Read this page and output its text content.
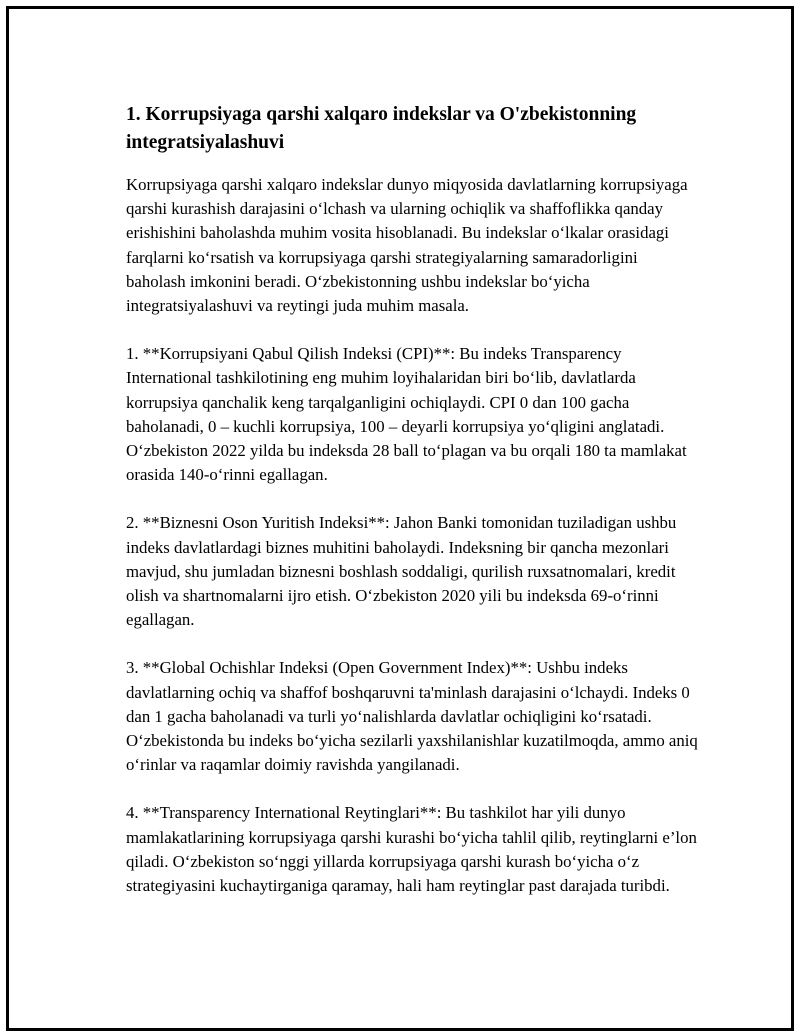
1. Korrupsiyaga qarshi xalqaro indekslar va O'zbekistonning integratsiyalashuvi

Korrupsiyaga qarshi xalqaro indekslar dunyo miqyosida davlatlarning korrupsiyaga qarshi kurashish darajasini oʻlchash va ularning ochiqlik va shaffoflikka qanday erishishini baholashda muhim vosita hisoblanadi. Bu indekslar oʻlkalar orasidagi farqlarni koʻrsatish va korrupsiyaga qarshi strategiyalarning samaradorligini baholash imkonini beradi. Oʻzbekistonning ushbu indekslar boʻyicha integratsiyalashuvi va reytingi juda muhim masala.

1. **Korrupsiyani Qabul Qilish Indeksi (CPI)**: Bu indeks Transparency International tashkilotining eng muhim loyihalaridan biri boʻlib, davlatlarda korrupsiya qanchalik keng tarqalganligini ochiqlaydi. CPI 0 dan 100 gacha baholanadi, 0 – kuchli korrupsiya, 100 – deyarli korrupsiya yoʻqligini anglatadi. Oʻzbekiston 2022 yilda bu indeksda 28 ball toʻplagan va bu orqali 180 ta mamlakat orasida 140-oʻrinni egallagan.

2. **Biznesni Oson Yuritish Indeksi**: Jahon Banki tomonidan tuziladigan ushbu indeks davlatlardagi biznes muhitini baholaydi. Indeksning bir qancha mezonlari mavjud, shu jumladan biznesni boshlash soddaligi, qurilish ruxsatnomalari, kredit olish va shartnomalarni ijro etish. Oʻzbekiston 2020 yili bu indeksda 69-oʻrinni egallagan.

3. **Global Ochishlar Indeksi (Open Government Index)**: Ushbu indeks davlatlarning ochiq va shaffof boshqaruvni ta'minlash darajasini oʻlchaydi. Indeks 0 dan 1 gacha baholanadi va turli yoʻnalishlarda davlatlar ochiqligini koʻrsatadi. Oʻzbekistonda bu indeks boʻyicha sezilarli yaxshilanishlar kuzatilmoqda, ammo aniq oʻrinlar va raqamlar doimiy ravishda yangilanadi.

4. **Transparency International Reytinglari**: Bu tashkilot har yili dunyo mamlakatlarining korrupsiyaga qarshi kurashi boʻyicha tahlil qilib, reytinglarni e’lon qiladi. Oʻzbekiston soʻnggi yillarda korrupsiyaga qarshi kurash boʻyicha oʻz strategiyasini kuchaytirganiga qaramay, hali ham reytinglar past darajada turibdi.
